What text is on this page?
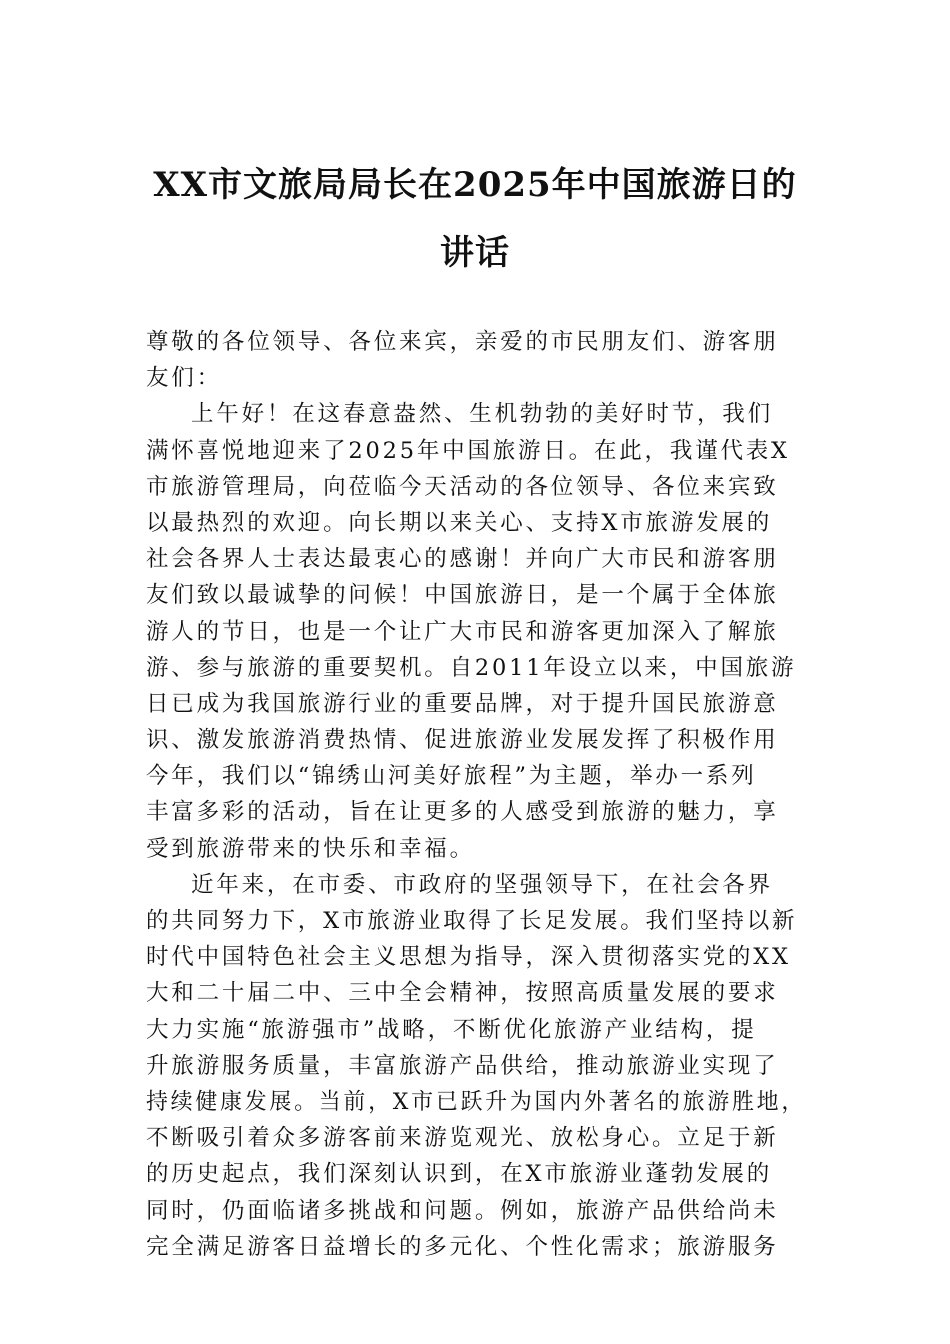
XX市文旅局局长在2025年中国旅游日的
讲话
尊敬的各位领导、各位来宾，亲爱的市民朋友们、游客朋
友们：
上午好！在这春意盎然、生机勃勃的美好时节，我们
满怀喜悦地迎来了2025年中国旅游日。在此，我谨代表X
市旅游管理局，向莅临今天活动的各位领导、各位来宾致
以最热烈的欢迎。向长期以来关心、支持X市旅游发展的
社会各界人士表达最衷心的感谢！并向广大市民和游客朋
友们致以最诚挚的问候！中国旅游日，是一个属于全体旅
游人的节日，也是一个让广大市民和游客更加深入了解旅
游、参与旅游的重要契机。自2011年设立以来，中国旅游
日已成为我国旅游行业的重要品牌，对于提升国民旅游意
识、激发旅游消费热情、促进旅游业发展发挥了积极作用
今年，我们以“锦绣山河美好旅程”为主题，举办一系列
丰富多彩的活动，旨在让更多的人感受到旅游的魅力，享
受到旅游带来的快乐和幸福。
近年来，在市委、市政府的坚强领导下，在社会各界
的共同努力下，X市旅游业取得了长足发展。我们坚持以新
时代中国特色社会主义思想为指导，深入贯彻落实党的XX
大和二十届二中、三中全会精神，按照高质量发展的要求
大力实施“旅游强市”战略，不断优化旅游产业结构，提
升旅游服务质量，丰富旅游产品供给，推动旅游业实现了
持续健康发展。当前，X市已跃升为国内外著名的旅游胜地，
不断吸引着众多游客前来游览观光、放松身心。立足于新
的历史起点，我们深刻认识到，在X市旅游业蓬勃发展的
同时，仍面临诸多挑战和问题。例如，旅游产品供给尚未
完全满足游客日益增长的多元化、个性化需求；旅游服务
